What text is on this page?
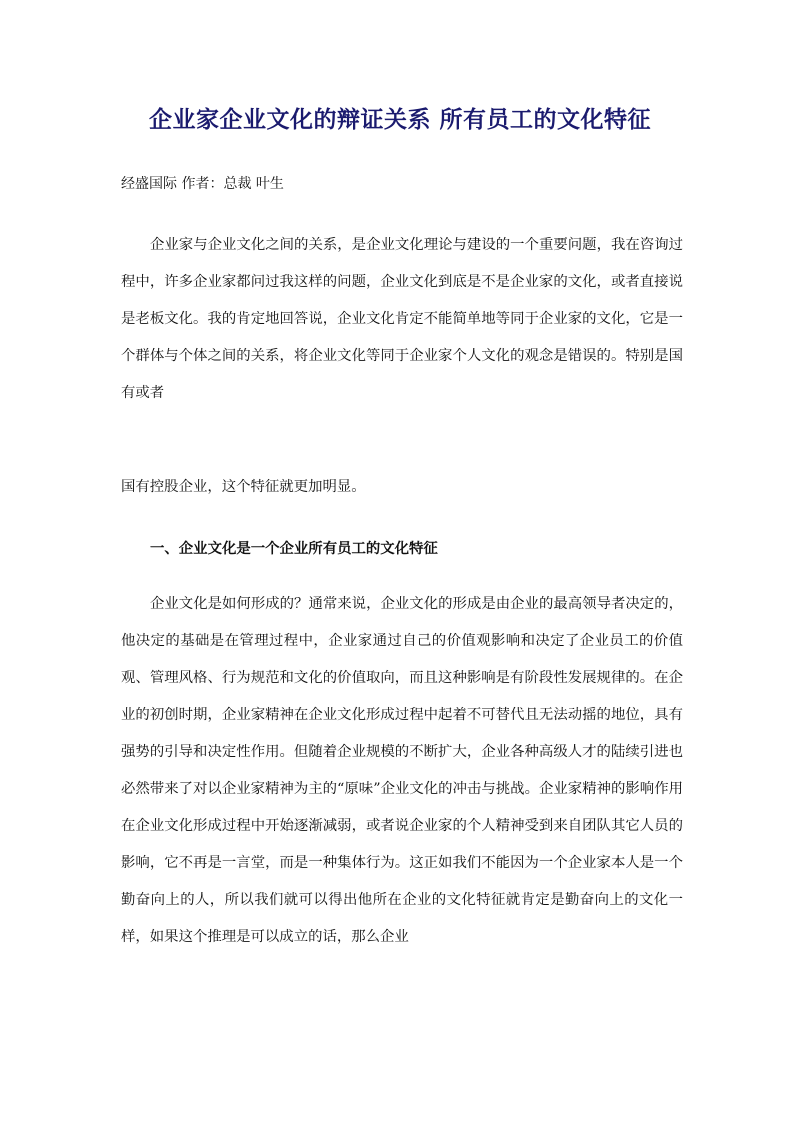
企业家企业文化的辩证关系 所有员工的文化特征
经盛国际 作者：总裁 叶生

企业家与企业文化之间的关系，是企业文化理论与建设的一个重要问题，我在咨询过程中，许多企业家都问过我这样的问题，企业文化到底是不是企业家的文化，或者直接说是老板文化。我的肯定地回答说，企业文化肯定不能简单地等同于企业家的文化，它是一个群体与个体之间的关系，将企业文化等同于企业家个人文化的观念是错误的。特别是国有或者

国有控股企业，这个特征就更加明显。

一、企业文化是一个企业所有员工的文化特征

企业文化是如何形成的？通常来说，企业文化的形成是由企业的最高领导者决定的，他决定的基础是在管理过程中，企业家通过自己的价值观影响和决定了企业员工的价值观、管理风格、行为规范和文化的价值取向，而且这种影响是有阶段性发展规律的。在企业的初创时期，企业家精神在企业文化形成过程中起着不可替代且无法动摇的地位，具有强势的引导和决定性作用。但随着企业规模的不断扩大，企业各种高级人才的陆续引进也必然带来了对以企业家精神为主的“原味”企业文化的冲击与挑战。企业家精神的影响作用在企业文化形成过程中开始逐渐减弱，或者说企业家的个人精神受到来自团队其它人员的影响，它不再是一言堂，而是一种集体行为。这正如我们不能因为一个企业家本人是一个勤奋向上的人，所以我们就可以得出他所在企业的文化特征就肯定是勤奋向上的文化一样，如果这个推理是可以成立的话，那么企业
